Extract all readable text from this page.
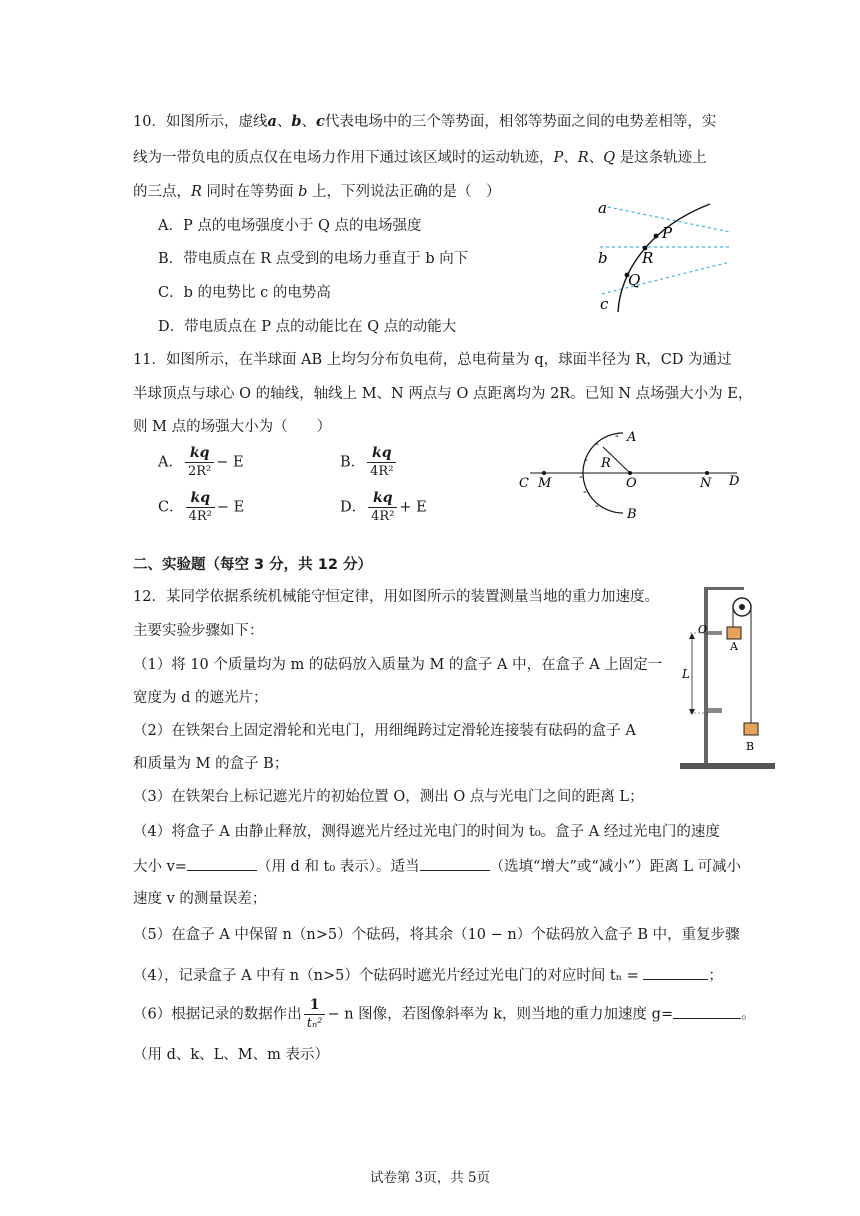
10．如图所示，虚线a、b、c代表电场中的三个等势面，相邻等势面之间的电势差相等，实
线为一带负电的质点仅在电场力作用下通过该区域时的运动轨迹，P、R、Q 是这条轨迹上
的三点，R 同时在等势面 b 上，下列说法正确的是（　）
A．P 点的电场强度小于 Q 点的电场强度
B．带电质点在 R 点受到的电场力垂直于 b 向下
C．b 的电势比 c 的电势高
D．带电质点在 P 点的动能比在 Q 点的动能大
a
b
c
P
R
Q
11．如图所示，在半球面 AB 上均匀分布负电荷，总电荷量为 q，球面半径为 R，CD 为通过
半球顶点与球心 O 的轴线，轴线上 M、N 两点与 O 点距离均为 2R。已知 N 点场强大小为 E，
则 M 点的场强大小为（　　）
A． $\frac{kq}{\text{2R²}} - E$	B． $\frac{kq}{\text{4R²}}$
C． $\frac{kq}{\text{4R²}} - E$	D． $\frac{kq}{\text{4R²}} + E$
C M	O	N D
A
B
R
-
-
-
-
-
-
二、实验题（每空 3 分，共 12 分）
12．某同学依据系统机械能守恒定律，用如图所示的装置测量当地的重力加速度。
主要实验步骤如下：
（1）将 10 个质量均为 m 的砝码放入质量为 M 的盒子 A 中，在盒子 A 上固定一
宽度为 d 的遮光片；
（2）在铁架台上固定滑轮和光电门，用细绳跨过定滑轮连接装有砝码的盒子 A
和质量为 M 的盒子 B；
（3）在铁架台上标记遮光片的初始位置 O，测出 O 点与光电门之间的距离 L；
（4）将盒子 A 由静止释放，测得遮光片经过光电门的时间为 t₀。盒子 A 经过光电门的速度
大小 v=	（用 d 和 t₀ 表示）。适当	（选填“增大”或“减小”）距离 L 可减小
速度 v 的测量误差；
（5）在盒子 A 中保留 n（n>5）个砝码，将其余（10 − n）个砝码放入盒子 B 中，重复步骤
（4），记录盒子 A 中有 n（n>5）个砝码时遮光片经过光电门的对应时间 tₙ =	；
（6）根据记录的数据作出 $\frac{1}{\text{tₙ²}} - n$ 图像，若图像斜率为 k，则当地的重力加速度 g=	。
（用 d、k、L、M、m 表示）
O
A
B
L
试卷第 3页，共 5页
